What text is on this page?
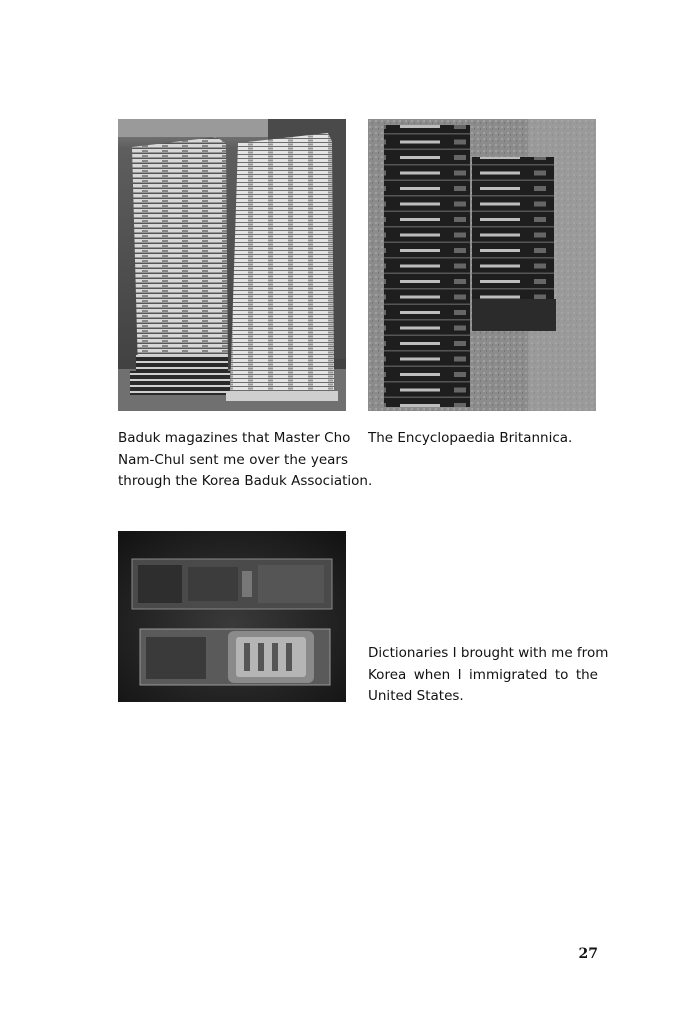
Baduk magazines that Master Cho
Nam-Chul sent me over the years
through the Korea Baduk Association.
The Encyclopaedia Britannica.
Dictionaries I brought with me from
Korea when I immigrated to the
United States.
27
